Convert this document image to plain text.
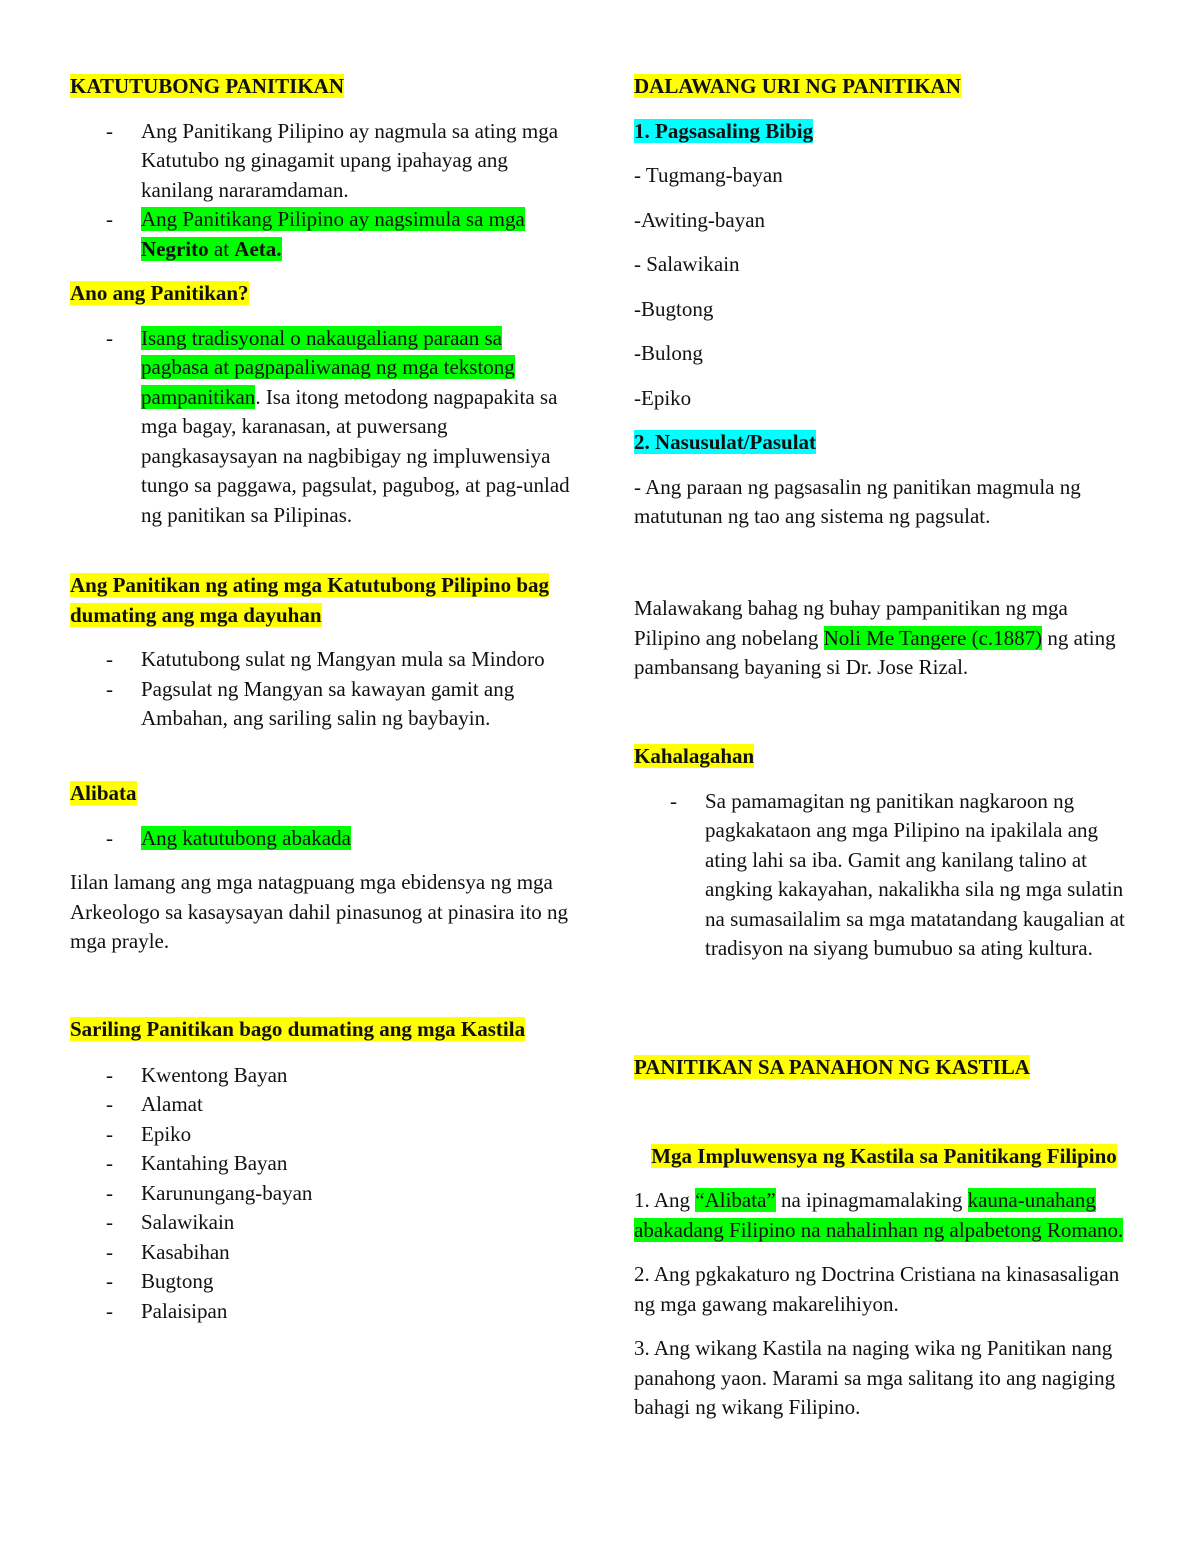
KATUTUBONG PANITIKAN

- Ang Panitikang Pilipino ay nagmula sa ating mga Katutubo ng ginagamit upang ipahayag ang kanilang nararamdaman.
- Ang Panitikang Pilipino ay nagsimula sa mga Negrito at Aeta.

Ano ang Panitikan?

- Isang tradisyonal o nakaugaliang paraan sa pagbasa at pagpapaliwanag ng mga tekstong pampanitikan. Isa itong metodong nagpapakita sa mga bagay, karanasan, at puwersang pangkasaysayan na nagbibigay ng impluwensiya tungo sa paggawa, pagsulat, pagubog, at pag-unlad ng panitikan sa Pilipinas.

Ang Panitikan ng ating mga Katutubong Pilipino bag dumating ang mga dayuhan

- Katutubong sulat ng Mangyan mula sa Mindoro
- Pagsulat ng Mangyan sa kawayan gamit ang Ambahan, ang sariling salin ng baybayin.

Alibata

- Ang katutubong abakada

Iilan lamang ang mga natagpuang mga ebidensya ng mga Arkeologo sa kasaysayan dahil pinasunog at pinasira ito ng mga prayle.

Sariling Panitikan bago dumating ang mga Kastila

- Kwentong Bayan
- Alamat
- Epiko
- Kantahing Bayan
- Karunungang-bayan
- Salawikain
- Kasabihan
- Bugtong
- Palaisipan

DALAWANG URI NG PANITIKAN

1. Pagsasaling Bibig

- Tugmang-bayan

-Awiting-bayan

- Salawikain

-Bugtong

-Bulong

-Epiko

2. Nasusulat/Pasulat

- Ang paraan ng pagsasalin ng panitikan magmula ng matutunan ng tao ang sistema ng pagsulat.

Malawakang bahag ng buhay pampanitikan ng mga Pilipino ang nobelang Noli Me Tangere (c.1887) ng ating pambansang bayaning si Dr. Jose Rizal.

Kahalagahan

- Sa pamamagitan ng panitikan nagkaroon ng pagkakataon ang mga Pilipino na ipakilala ang ating lahi sa iba. Gamit ang kanilang talino at angking kakayahan, nakalikha sila ng mga sulatin na sumasailalim sa mga matatandang kaugalian at tradisyon na siyang bumubuo sa ating kultura.

PANITIKAN SA PANAHON NG KASTILA

Mga Impluwensya ng Kastila sa Panitikang Filipino

1. Ang “Alibata” na ipinagmamalaking kauna-unahang abakadang Filipino na nahalinhan ng alpabetong Romano.

2. Ang pgkakaturo ng Doctrina Cristiana na kinasasaligan ng mga gawang makarelihiyon.

3. Ang wikang Kastila na naging wika ng Panitikan nang panahong yaon. Marami sa mga salitang ito ang nagiging bahagi ng wikang Filipino.
